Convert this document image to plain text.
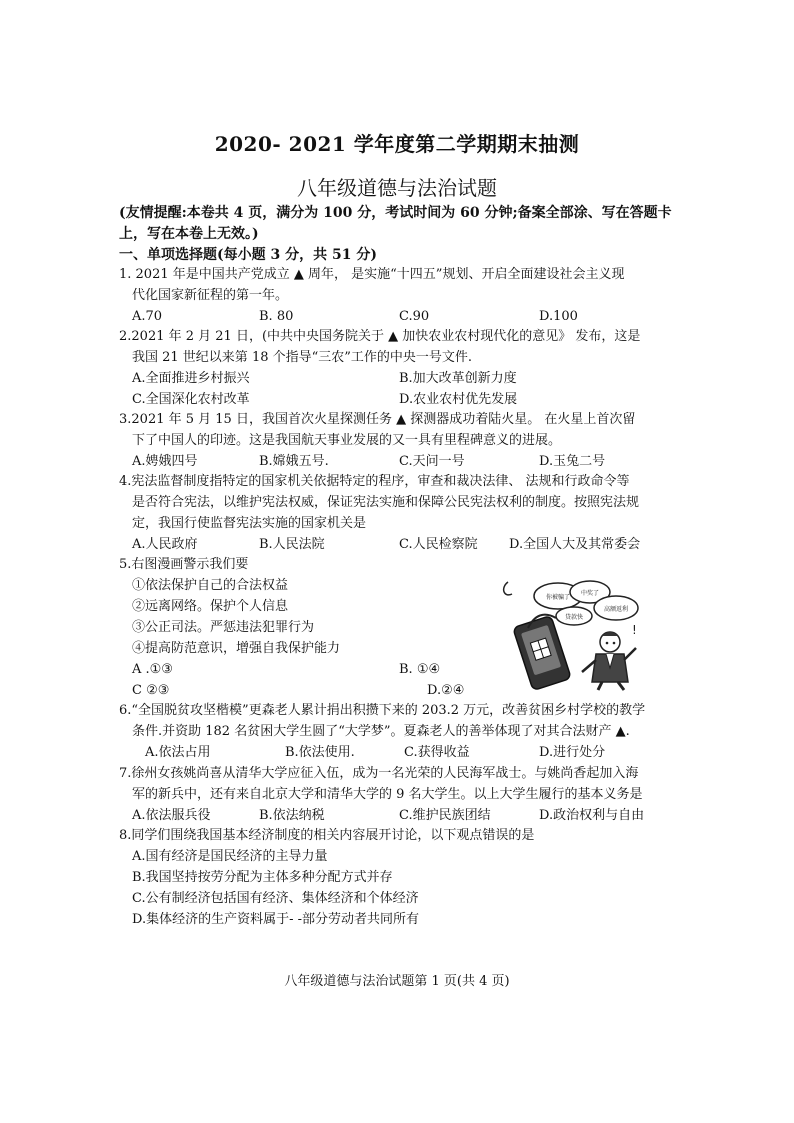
2020- 2021 学年度第二学期期末抽测
八年级道德与法治试题
(友情提醒:本卷共 4 页，满分为 100 分，考试时间为 60 分钟;备案全部涂、写在答题卡上，写在本卷上无效。)
一、单项选择题(每小题 3 分，共 51 分)
1. 2021 年是中国共产党成立 ▲ 周年， 是实施“十四五”规划、开启全面建设社会主义现
代化国家新征程的第一年。
A.70	B. 80	C.90	D.100
2.2021 年 2 月 21 日，(中共中央国务院关于 ▲ 加快农业农村现代化的意见》 发布，这是
我国 21 世纪以来第 18 个指导“三农”工作的中央一号文件.
A.全面推进乡村振兴	B.加大改革创新力度
C.全国深化农村改革	D.农业农村优先发展
3.2021 年 5 月 15 日，我国首次火星探测任务 ▲ 探测器成功着陆火星。 在火星上首次留
下了中国人的印迹。这是我国航天事业发展的又一具有里程碑意义的进展。
A.娉娥四号	B.嫦娥五号.	C.天问一号	D.玉兔二号
4.宪法监督制度指特定的国家机关依据特定的程序，审查和裁决法律、 法规和行政命令等
是否符合宪法，以维护宪法权威，保证宪法实施和保障公民宪法权利的制度。按照宪法规
定，我国行使监督宪法实施的国家机关是
A.人民政府	B.人民法院	C.人民检察院 D.全国人大及其常委会
5.右图漫画警示我们要
①依法保护自己的合法权益
②远离网络。保护个人信息
③公正司法。严惩违法犯罪行为
④提高防范意识，增强自我保护能力
A .①③	B. ①④
C ②③	D.②④
你被骗了
中奖了
高额返利
贷款快
!
6.“全国脱贫攻坚楷模”更森老人累计捐出积攒下来的 203.2 万元，改善贫困乡村学校的教学
条件.并资助 182 名贫困大学生圆了“大学梦”。夏森老人的善举体现了对其合法财产 ▲.
A.依法占用	B.依法使用.	C.获得收益	D.进行处分
7.徐州女孩姚尚喜从清华大学应征入伍，成为一名光荣的人民海军战士。与姚尚香起加入海
军的新兵中，还有来自北京大学和清华大学的 9 名大学生。以上大学生履行的基本义务是
A.依法服兵役	B.依法纳税	C.维护民族团结	D.政治权利与自由
8.同学们围绕我国基本经济制度的相关内容展开讨论，以下观点错误的是
A.国有经济是国民经济的主导力量
B.我国坚持按劳分配为主体多种分配方式并存
C.公有制经济包括国有经济、集体经济和个体经济
D.集体经济的生产资料属于- -部分劳动者共同所有
八年级道德与法治试题第 1 页(共 4 页)
